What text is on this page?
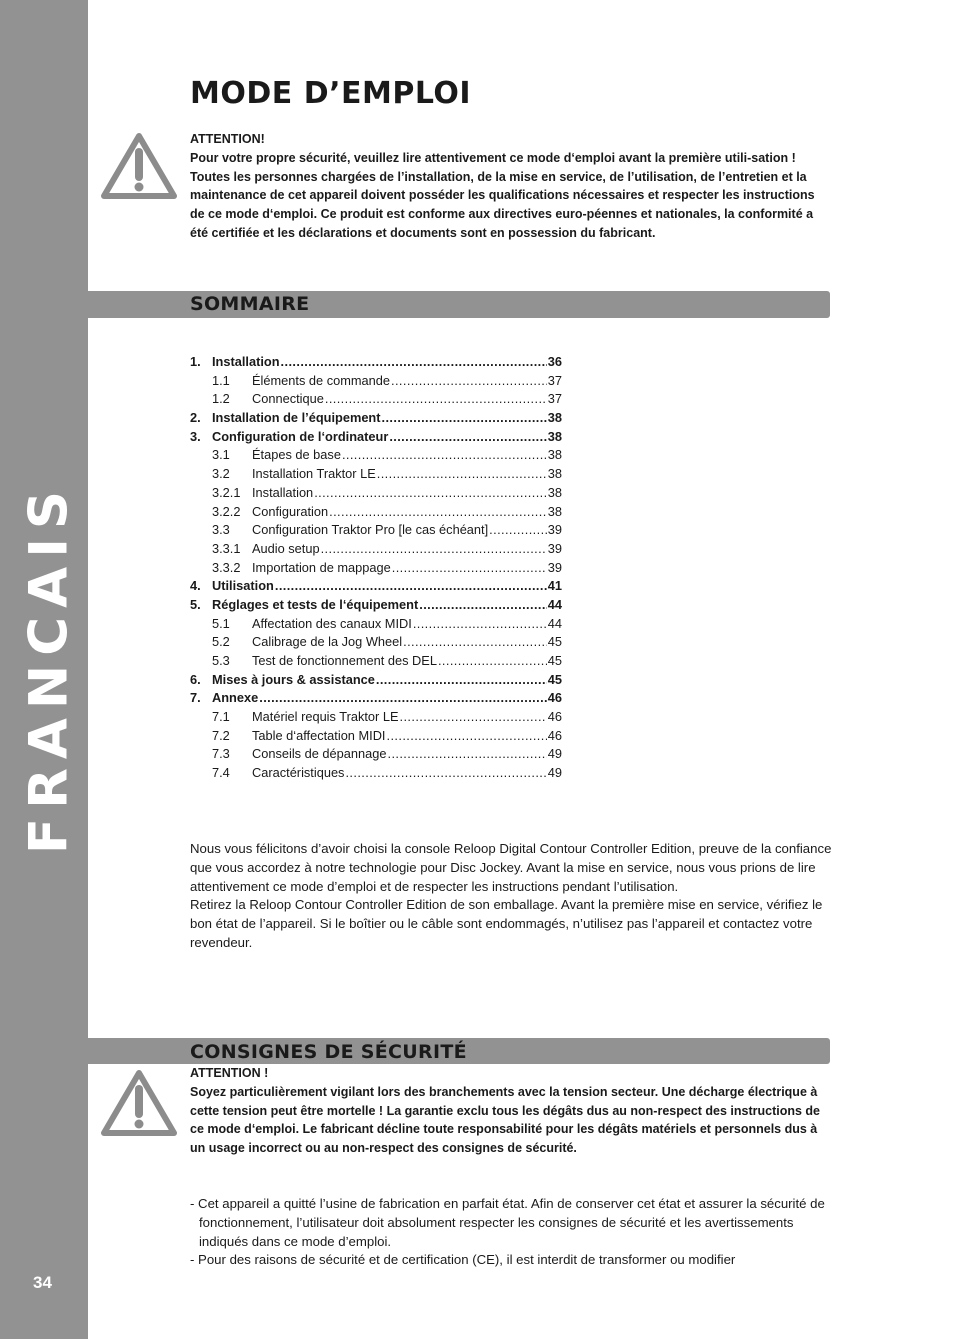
FRANCAIS
34
MODE D’EMPLOI

ATTENTION!

Pour votre propre sécurité, veuillez lire attentivement ce mode d‘emploi avant la première utili-sation ! Toutes les personnes chargées de l’installation, de la mise en service, de l’utilisation, de l’entretien et la maintenance de cet appareil doivent posséder les qualifications nécessaires et respecter les instructions de ce mode d‘emploi. Ce produit est conforme aux directives euro-péennes et nationales, la conformité a été certifiée et les déclarations et documents sont en possession du fabricant.

SOMMAIRE
1. Installation .....	36
1.1	Éléments de commande .....	37
1.2	Connectique .....	37
2. Installation de l’équipement .....	38
3. Configuration de l‘ordinateur .....	38
3.1	Étapes de base .....	38
3.2	Installation Traktor LE .....	38
3.2.1 Installation .....	38
3.2.2 Configuration .....	38
3.3	Configuration Traktor Pro [le cas échéant] .....	39
3.3.1 Audio setup .....	39
3.3.2 Importation de mappage .....	39
4. Utilisation .....	41
5. Réglages et tests de l‘équipement .....	44
5.1	Affectation des canaux MIDI .....	44
5.2	Calibrage de la Jog Wheel .....	45
5.3	Test de fonctionnement des DEL .....	45
6. Mises à jours & assistance .....	45
7. Annexe .....	46
7.1	Matériel requis Traktor LE .....	46
7.2	Table d‘affectation MIDI .....	46
7.3	Conseils de dépannage .....	49
7.4	Caractéristiques .....	49

Nous vous félicitons d’avoir choisi la console Reloop Digital Contour Controller Edition, preuve de la confiance que vous accordez à notre technologie pour Disc Jockey. Avant la mise en service, nous vous prions de lire attentivement ce mode d’emploi et de respecter les instructions pendant l’utilisation.

Retirez la Reloop Contour Controller Edition de son emballage. Avant la première mise en service, vérifiez le bon état de l’appareil. Si le boîtier ou le câble sont endommagés, n’utilisez pas l’appareil et contactez votre revendeur.

CONSIGNES DE SÉCURITÉ

ATTENTION !

Soyez particulièrement vigilant lors des branchements avec la tension secteur. Une décharge électrique à cette tension peut être mortelle ! La garantie exclu tous les dégâts dus au non-respect des instructions de ce mode d‘emploi. Le fabricant décline toute responsabilité pour les dégâts matériels et personnels dus à un usage incorrect ou au non-respect des consignes de sécurité.

- Cet appareil a quitté l’usine de fabrication en parfait état. Afin de conserver cet état et assurer la sécurité de fonctionnement, l’utilisateur doit absolument respecter les consignes de sécurité et les avertissements indiqués dans ce mode d’emploi.
- Pour des raisons de sécurité et de certification (CE), il est interdit de transformer ou modifier
